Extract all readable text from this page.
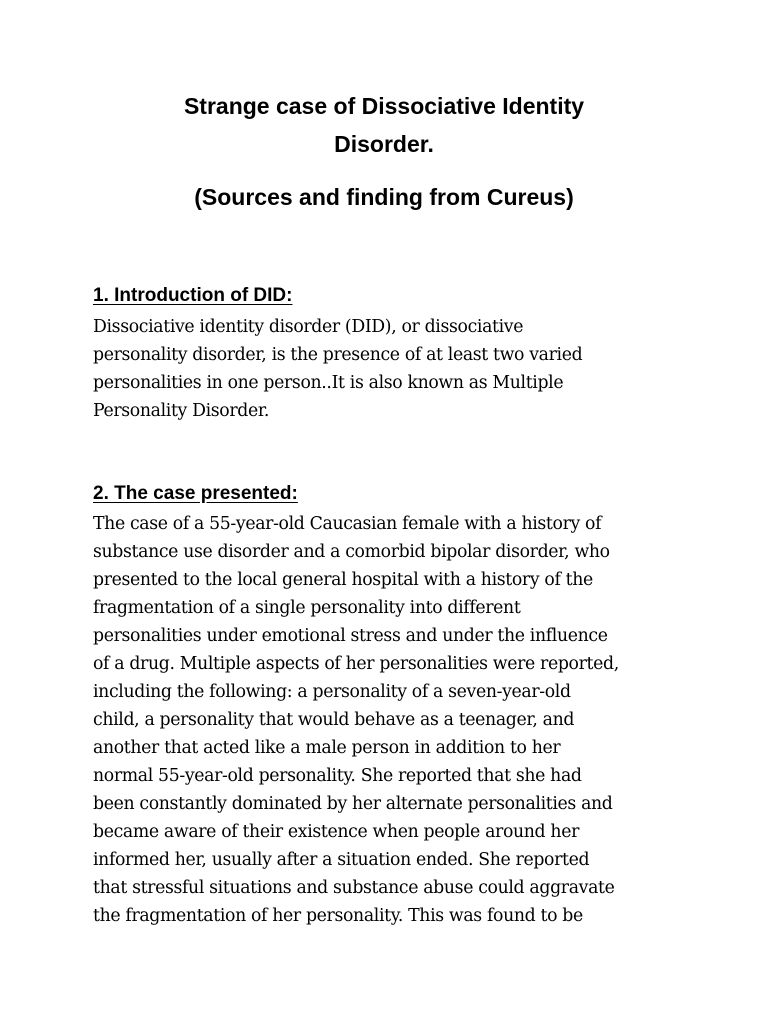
Strange case of Dissociative Identity
Disorder.
(Sources and finding from Cureus)
1. Introduction of DID:

Dissociative identity disorder (DID), or dissociative
personality disorder, is the presence of at least two varied
personalities in one person..It is also known as Multiple
Personality Disorder.

2. The case presented:

The case of a 55-year-old Caucasian female with a history of
substance use disorder and a comorbid bipolar disorder, who
presented to the local general hospital with a history of the
fragmentation of a single personality into different
personalities under emotional stress and under the influence
of a drug. Multiple aspects of her personalities were reported,
including the following: a personality of a seven-year-old
child, a personality that would behave as a teenager, and
another that acted like a male person in addition to her
normal 55-year-old personality. She reported that she had
been constantly dominated by her alternate personalities and
became aware of their existence when people around her
informed her, usually after a situation ended. She reported
that stressful situations and substance abuse could aggravate
the fragmentation of her personality. This was found to be
